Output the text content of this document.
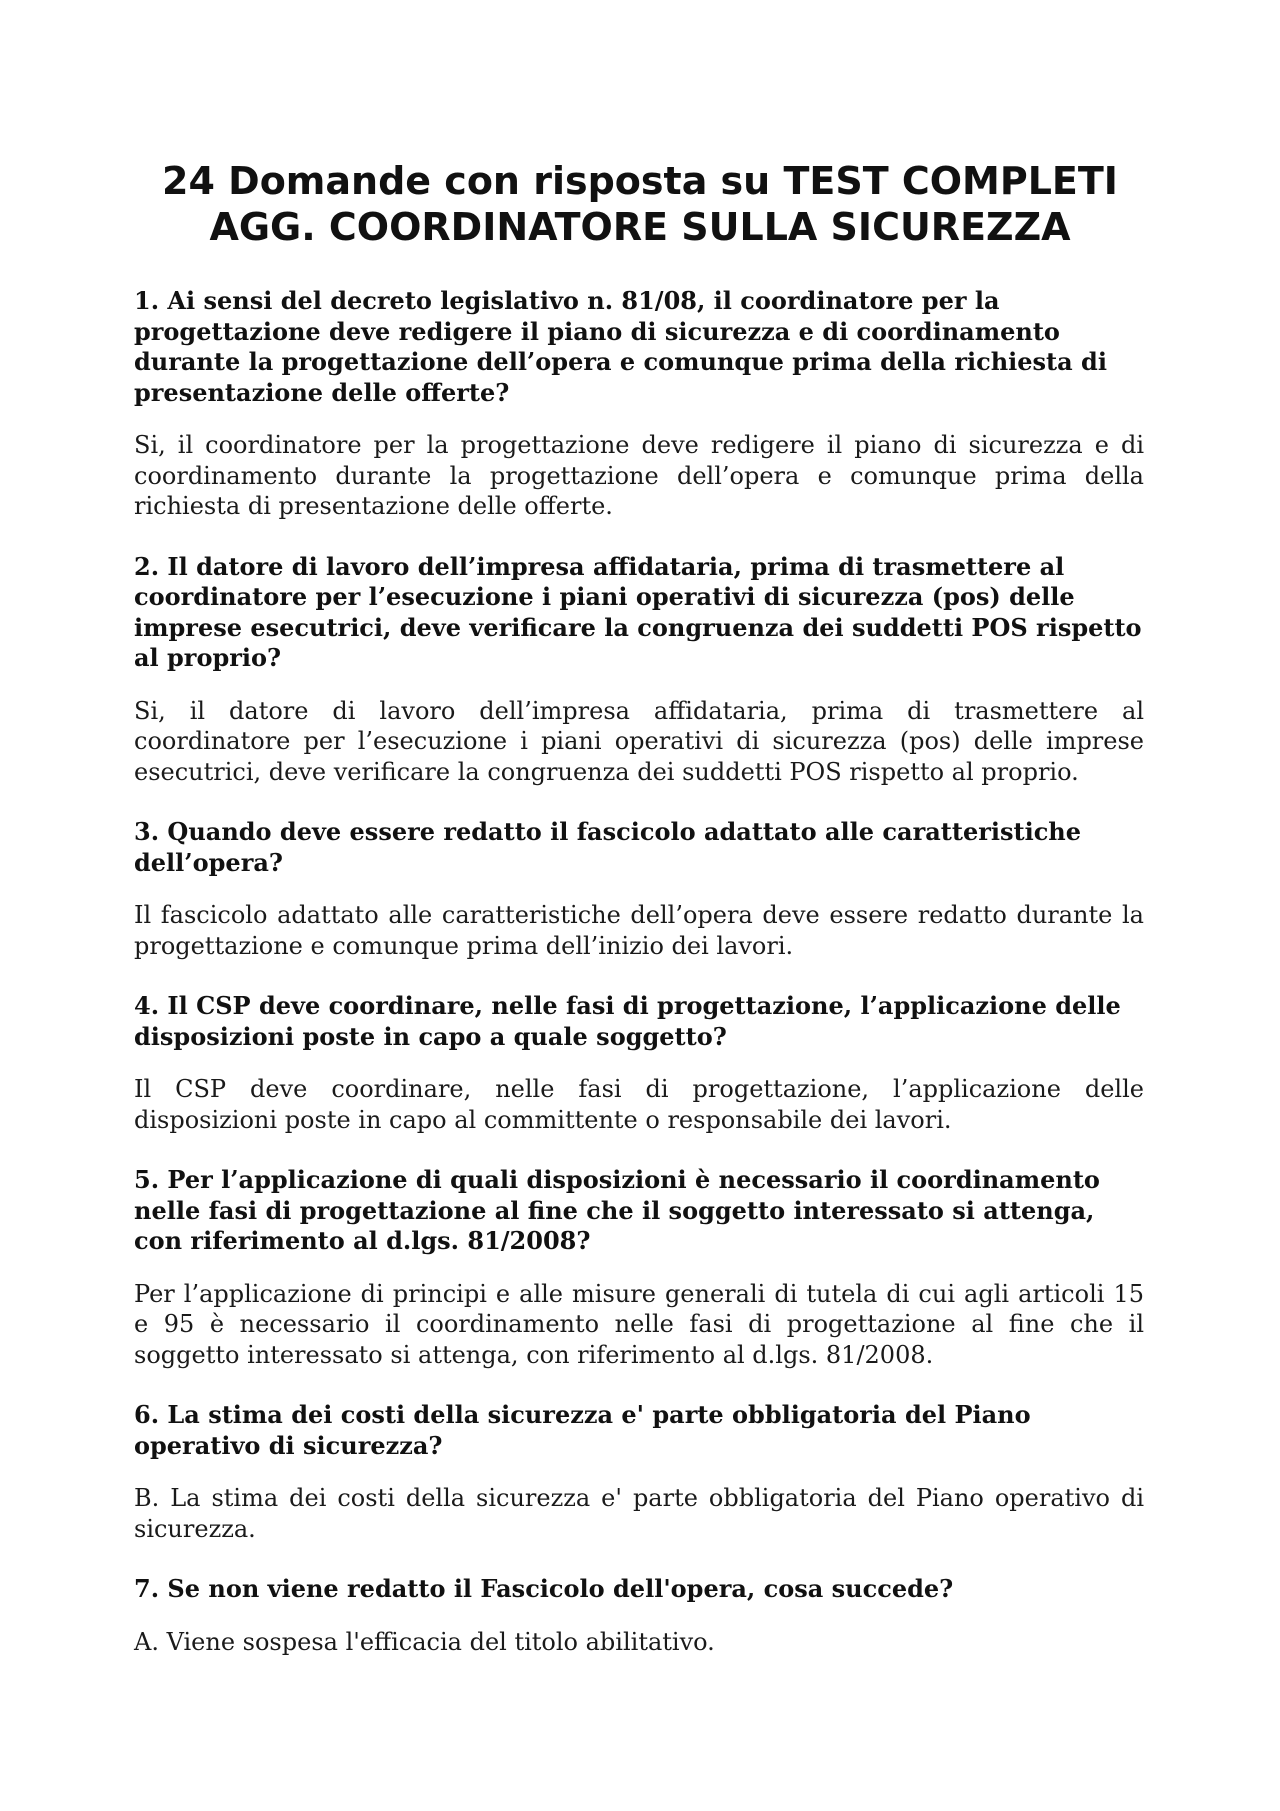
24 Domande con risposta su TEST COMPLETI
AGG. COORDINATORE SULLA SICUREZZA

1. Ai sensi del decreto legislativo n. 81/08, il coordinatore per la progettazione deve redigere il piano di sicurezza e di coordinamento durante la progettazione dell’opera e comunque prima della richiesta di presentazione delle offerte?

Si, il coordinatore per la progettazione deve redigere il piano di sicurezza e di coordinamento durante la progettazione dell’opera e comunque prima della richiesta di presentazione delle offerte.

2. Il datore di lavoro dell’impresa affidataria, prima di trasmettere al coordinatore per l’esecuzione i piani operativi di sicurezza (pos) delle imprese esecutrici, deve verificare la congruenza dei suddetti POS rispetto al proprio?

Si, il datore di lavoro dell’impresa affidataria, prima di trasmettere al coordinatore per l’esecuzione i piani operativi di sicurezza (pos) delle imprese esecutrici, deve verificare la congruenza dei suddetti POS rispetto al proprio.

3. Quando deve essere redatto il fascicolo adattato alle caratteristiche dell’opera?

Il fascicolo adattato alle caratteristiche dell’opera deve essere redatto durante la progettazione e comunque prima dell’inizio dei lavori.

4. Il CSP deve coordinare, nelle fasi di progettazione, l’applicazione delle disposizioni poste in capo a quale soggetto?

Il CSP deve coordinare, nelle fasi di progettazione, l’applicazione delle disposizioni poste in capo al committente o responsabile dei lavori.

5. Per l’applicazione di quali disposizioni è necessario il coordinamento nelle fasi di progettazione al fine che il soggetto interessato si attenga, con riferimento al d.lgs. 81/2008?

Per l’applicazione di principi e alle misure generali di tutela di cui agli articoli 15 e 95 è necessario il coordinamento nelle fasi di progettazione al fine che il soggetto interessato si attenga, con riferimento al d.lgs. 81/2008.

6. La stima dei costi della sicurezza e' parte obbligatoria del Piano operativo di sicurezza?

B. La stima dei costi della sicurezza e' parte obbligatoria del Piano operativo di sicurezza.

7. Se non viene redatto il Fascicolo dell'opera, cosa succede?

A. Viene sospesa l'efficacia del titolo abilitativo.
